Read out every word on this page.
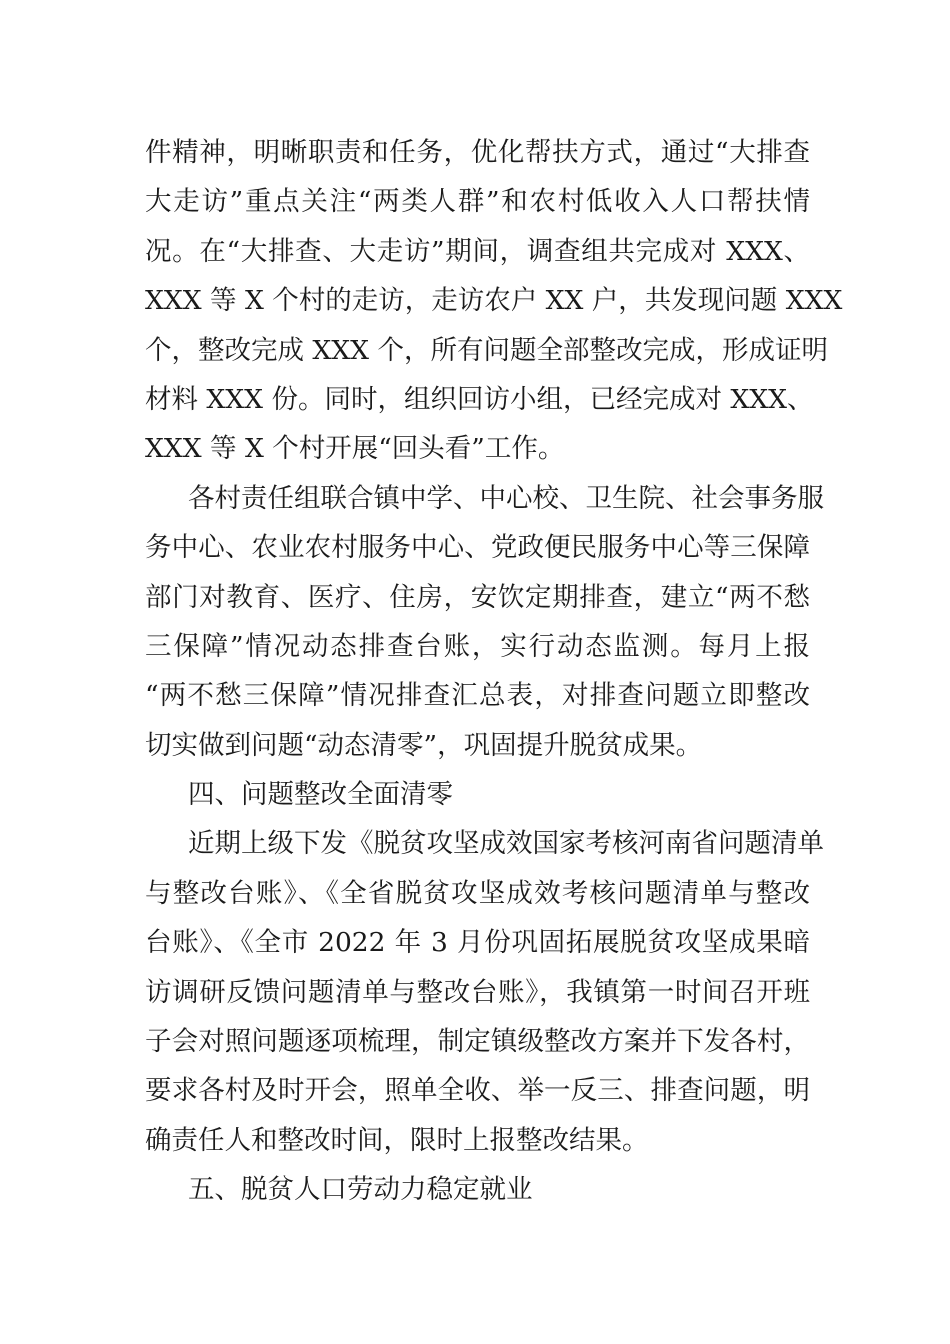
件精神，明晰职责和任务，优化帮扶方式，通过“大排查
大走访”重点关注“两类人群”和农村低收入人口帮扶情
况。在“大排查、大走访”期间，调查组共完成对 XXX、
XXX 等 X 个村的走访，走访农户 XX 户，共发现问题 XXX
个，整改完成 XXX 个，所有问题全部整改完成，形成证明
材料 XXX 份。同时，组织回访小组，已经完成对 XXX、
XXX 等 X 个村开展“回头看”工作。
各村责任组联合镇中学、中心校、卫生院、社会事务服
务中心、农业农村服务中心、党政便民服务中心等三保障
部门对教育、医疗、住房，安饮定期排查，建立“两不愁
三保障”情况动态排查台账，实行动态监测。每月上报
“两不愁三保障”情况排查汇总表，对排查问题立即整改
切实做到问题“动态清零”，巩固提升脱贫成果。
四、问题整改全面清零
近期上级下发《脱贫攻坚成效国家考核河南省问题清单
与整改台账》、《全省脱贫攻坚成效考核问题清单与整改
台账》、《全市 2022 年 3 月份巩固拓展脱贫攻坚成果暗
访调研反馈问题清单与整改台账》，我镇第一时间召开班
子会对照问题逐项梳理，制定镇级整改方案并下发各村，
要求各村及时开会，照单全收、举一反三、排查问题，明
确责任人和整改时间，限时上报整改结果。
五、脱贫人口劳动力稳定就业
